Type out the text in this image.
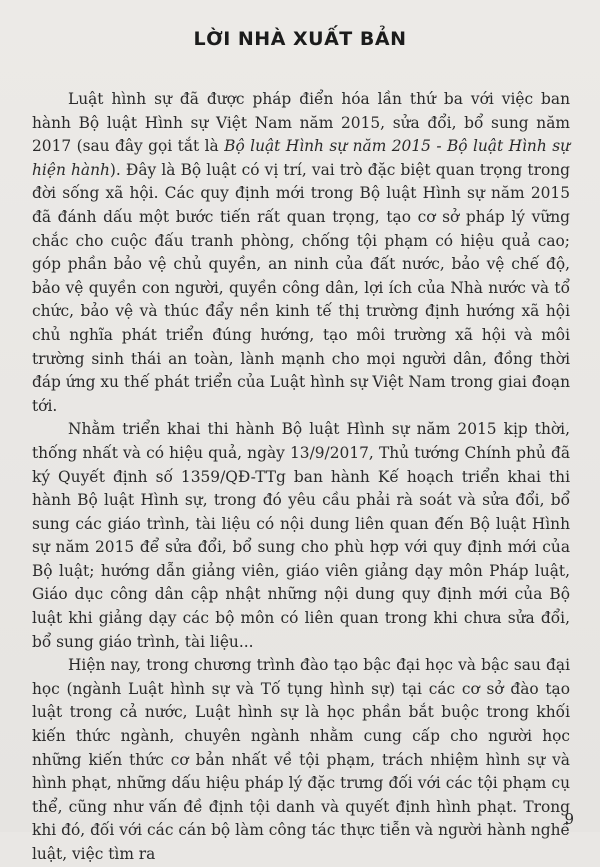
LỜI NHÀ XUẤT BẢN

Luật hình sự đã được pháp điển hóa lần thứ ba với việc ban hành Bộ luật Hình sự Việt Nam năm 2015, sửa đổi, bổ sung năm 2017 (sau đây gọi tắt là Bộ luật Hình sự năm 2015 - Bộ luật Hình sự hiện hành). Đây là Bộ luật có vị trí, vai trò đặc biệt quan trọng trong đời sống xã hội. Các quy định mới trong Bộ luật Hình sự năm 2015 đã đánh dấu một bước tiến rất quan trọng, tạo cơ sở pháp lý vững chắc cho cuộc đấu tranh phòng, chống tội phạm có hiệu quả cao; góp phần bảo vệ chủ quyền, an ninh của đất nước, bảo vệ chế độ, bảo vệ quyền con người, quyền công dân, lợi ích của Nhà nước và tổ chức, bảo vệ và thúc đẩy nền kinh tế thị trường định hướng xã hội chủ nghĩa phát triển đúng hướng, tạo môi trường xã hội và môi trường sinh thái an toàn, lành mạnh cho mọi người dân, đồng thời đáp ứng xu thế phát triển của Luật hình sự Việt Nam trong giai đoạn tới.

Nhằm triển khai thi hành Bộ luật Hình sự năm 2015 kịp thời, thống nhất và có hiệu quả, ngày 13/9/2017, Thủ tướng Chính phủ đã ký Quyết định số 1359/QĐ-TTg ban hành Kế hoạch triển khai thi hành Bộ luật Hình sự, trong đó yêu cầu phải rà soát và sửa đổi, bổ sung các giáo trình, tài liệu có nội dung liên quan đến Bộ luật Hình sự năm 2015 để sửa đổi, bổ sung cho phù hợp với quy định mới của Bộ luật; hướng dẫn giảng viên, giáo viên giảng dạy môn Pháp luật, Giáo dục công dân cập nhật những nội dung quy định mới của Bộ luật khi giảng dạy các bộ môn có liên quan trong khi chưa sửa đổi, bổ sung giáo trình, tài liệu...

Hiện nay, trong chương trình đào tạo bậc đại học và bậc sau đại học (ngành Luật hình sự và Tố tụng hình sự) tại các cơ sở đào tạo luật trong cả nước, Luật hình sự là học phần bắt buộc trong khối kiến thức ngành, chuyên ngành nhằm cung cấp cho người học những kiến thức cơ bản nhất về tội phạm, trách nhiệm hình sự và hình phạt, những dấu hiệu pháp lý đặc trưng đối với các tội phạm cụ thể, cũng như vấn đề định tội danh và quyết định hình phạt. Trong khi đó, đối với các cán bộ làm công tác thực tiễn và người hành nghề luật, việc tìm ra

9
